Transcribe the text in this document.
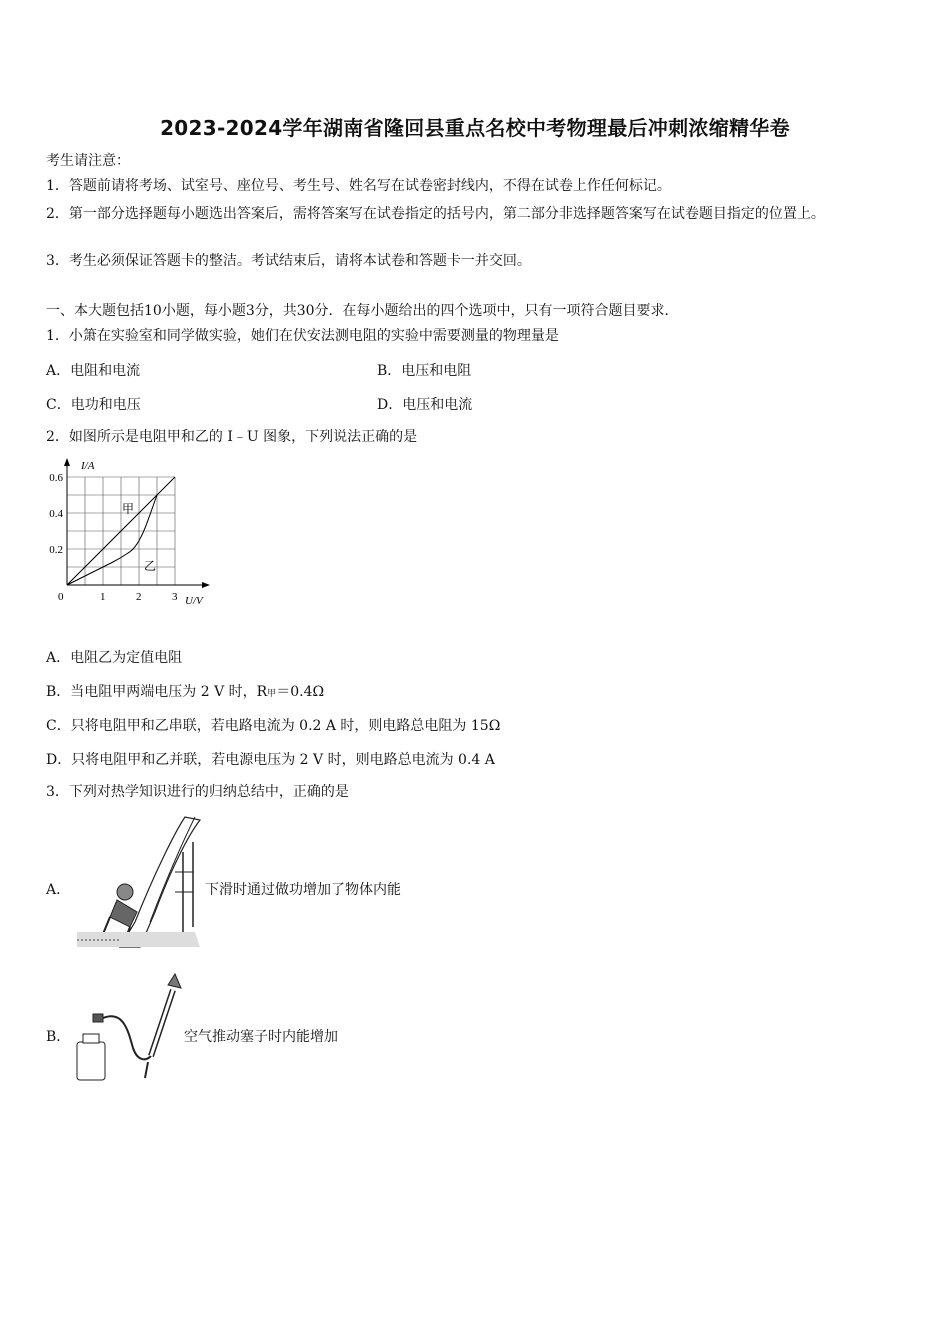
2023-2024学年湖南省隆回县重点名校中考物理最后冲刺浓缩精华卷
考生请注意：
1．答题前请将考场、试室号、座位号、考生号、姓名写在试卷密封线内，不得在试卷上作任何标记。
2．第一部分选择题每小题选出答案后，需将答案写在试卷指定的括号内，第二部分非选择题答案写在试卷题目指定的位置上。
3．考生必须保证答题卡的整洁。考试结束后，请将本试卷和答题卡一并交回。
一、本大题包括10小题，每小题3分，共30分．在每小题给出的四个选项中，只有一项符合题目要求．
1．小箫在实验室和同学做实验，她们在伏安法测电阻的实验中需要测量的物理量是
A．电阻和电流	B．电压和电阻
C．电功和电压	D．电压和电流
2．如图所示是电阻甲和乙的 I﹣U 图象，下列说法正确的是
I/A
U/V
0	1	2	3
0.2
0.4
0.6
甲
乙
A．电阻乙为定值电阻
B．当电阻甲两端电压为 2 V 时，R甲＝0.4Ω
C．只将电阻甲和乙串联，若电路电流为 0.2 A 时，则电路总电阻为 15Ω
D．只将电阻甲和乙并联，若电源电压为 2 V 时，则电路总电流为 0.4 A
3．下列对热学知识进行的归纳总结中，正确的是
A．	下滑时通过做功增加了物体内能
B．	空气推动塞子时内能增加
